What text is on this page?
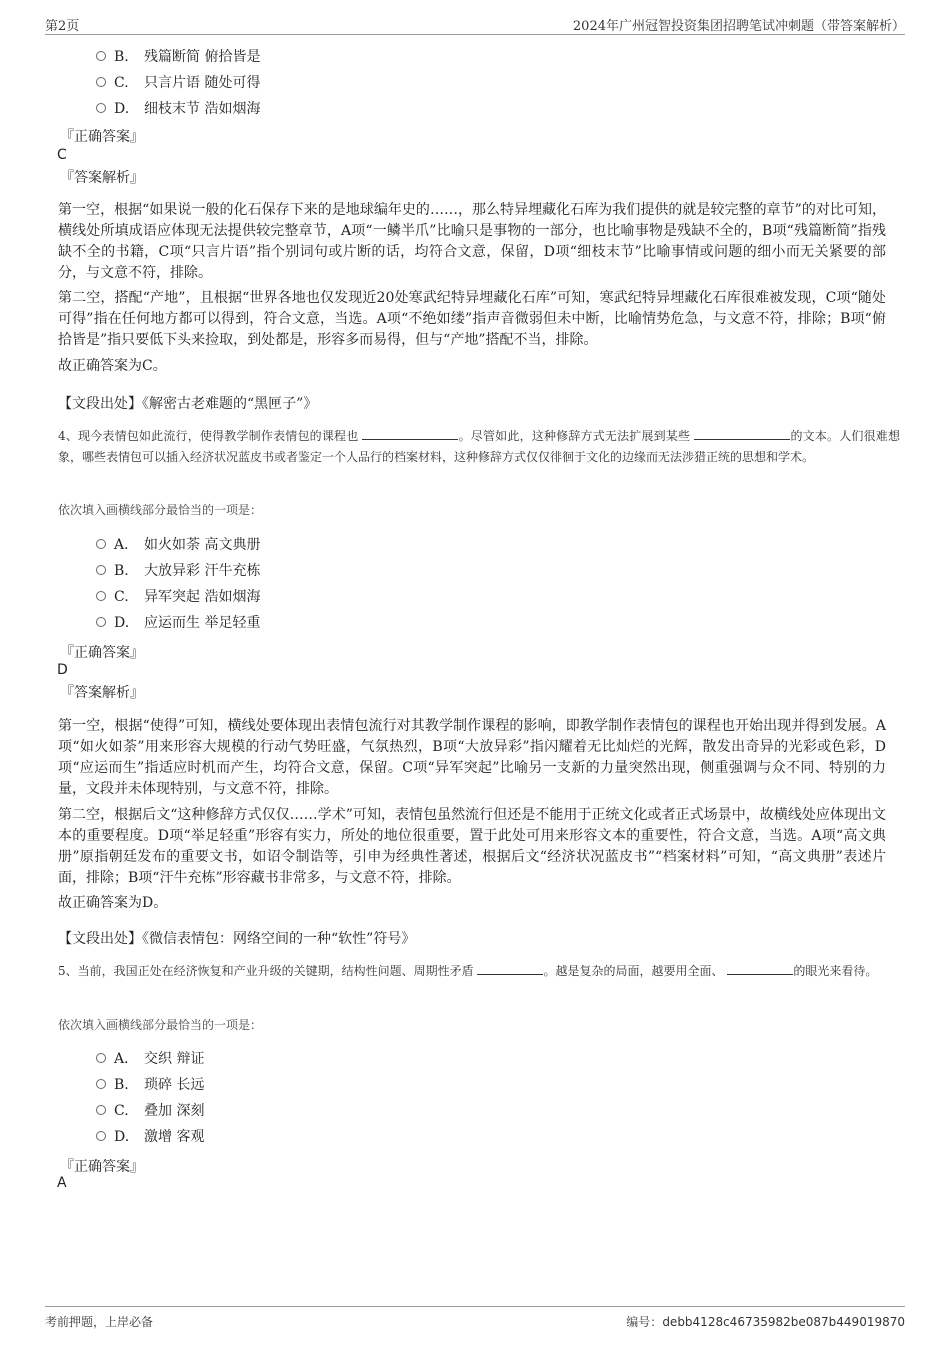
第2页	2024年广州冠智投资集团招聘笔试冲刺题（带答案解析）
B. 残篇断简 俯拾皆是
C. 只言片语 随处可得
D. 细枝末节 浩如烟海
『正确答案』
C
『答案解析』
第一空，根据“如果说一般的化石保存下来的是地球编年史的……，那么特异埋藏化石库为我们提供的就是较完整的章节”的对比可知，横线处所填成语应体现无法提供较完整章节，A项“一鳞半爪”比喻只是事物的一部分，也比喻事物是残缺不全的，B项“残篇断简”指残缺不全的书籍，C项“只言片语”指个别词句或片断的话，均符合文意，保留，D项“细枝末节”比喻事情或问题的细小而无关紧要的部分，与文意不符，排除。
第二空，搭配“产地”，且根据“世界各地也仅发现近20处寒武纪特异埋藏化石库”可知，寒武纪特异埋藏化石库很难被发现，C项“随处可得”指在任何地方都可以得到，符合文意，当选。A项“不绝如缕”指声音微弱但未中断，比喻情势危急，与文意不符，排除；B项“俯拾皆是”指只要低下头来捡取，到处都是，形容多而易得，但与“产地”搭配不当，排除。
故正确答案为C。
【文段出处】《解密古老难题的“黑匣子”》
4、现今表情包如此流行，使得教学制作表情包的课程也	。尽管如此，这种修辞方式无法扩展到某些	的文本。人们很难想象，哪些表情包可以插入经济状况蓝皮书或者鉴定一个人品行的档案材料，这种修辞方式仅仅徘徊于文化的边缘而无法涉猎正统的思想和学术。
依次填入画横线部分最恰当的一项是：
A． 如火如荼 高文典册
B. 大放异彩 汗牛充栋
C. 异军突起 浩如烟海
D. 应运而生 举足轻重
『正确答案』
D
『答案解析』
第一空，根据“使得”可知，横线处要体现出表情包流行对其教学制作课程的影响，即教学制作表情包的课程也开始出现并得到发展。A项“如火如荼”用来形容大规模的行动气势旺盛，气氛热烈，B项“大放异彩”指闪耀着无比灿烂的光辉，散发出奇异的光彩或色彩，D项“应运而生”指适应时机而产生，均符合文意，保留。C项“异军突起”比喻另一支新的力量突然出现，侧重强调与众不同、特别的力量，文段并未体现特别，与文意不符，排除。
第二空，根据后文“这种修辞方式仅仅……学术”可知，表情包虽然流行但还是不能用于正统文化或者正式场景中，故横线处应体现出文本的重要程度。D项“举足轻重”形容有实力，所处的地位很重要，置于此处可用来形容文本的重要性，符合文意，当选。A项“高文典册”原指朝廷发布的重要文书，如诏令制诰等，引申为经典性著述，根据后文“经济状况蓝皮书”“档案材料”可知，“高文典册”表述片面，排除；B项“汗牛充栋”形容藏书非常多，与文意不符，排除。
故正确答案为D。
【文段出处】《微信表情包：网络空间的一种“软性”符号》
5、当前，我国正处在经济恢复和产业升级的关键期，结构性问题、周期性矛盾	。越是复杂的局面，越要用全面、	的眼光来看待。
依次填入画横线部分最恰当的一项是：
A． 交织 辩证
B. 琐碎 长远
C. 叠加 深刻
D. 激增 客观
『正确答案』
A
考前押题，上岸必备	编号：debb4128c46735982be087b449019870
